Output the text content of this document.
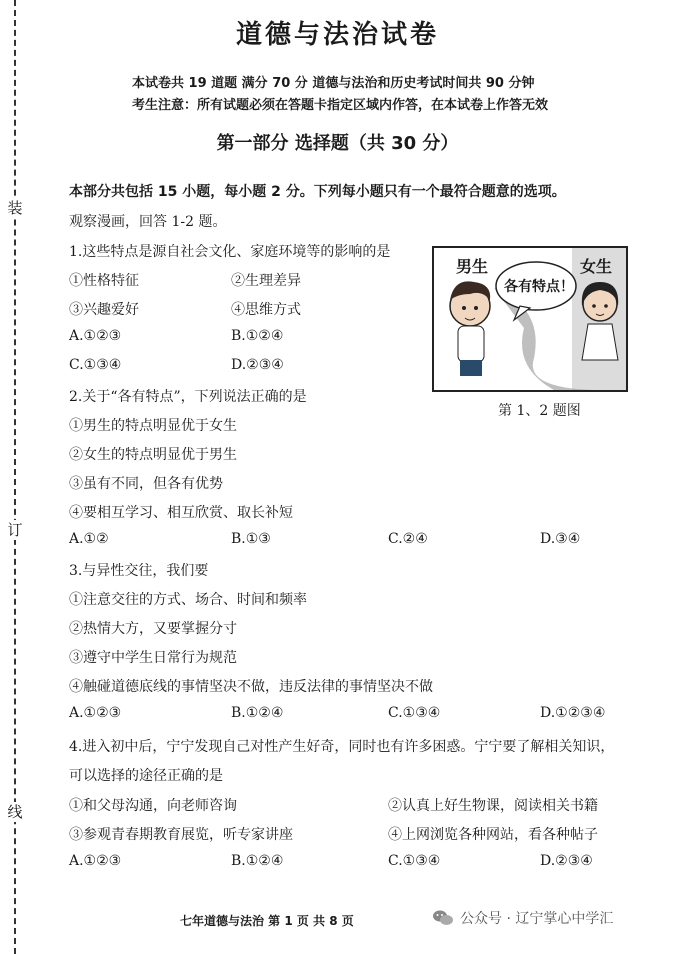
装
订
线
道德与法治试卷
本试卷共 19 道题 满分 70 分 道德与法治和历史考试时间共 90 分钟
考生注意：所有试题必须在答题卡指定区域内作答，在本试卷上作答无效
第一部分 选择题（共 30 分）
本部分共包括 15 小题，每小题 2 分。下列每小题只有一个最符合题意的选项。
观察漫画，回答 1-2 题。
1.这些特点是源自社会文化、家庭环境等的影响的是
①性格特征	②生理差异
③兴趣爱好	④思维方式
A.①②③	B.①②④
C.①③④	D.②③④
男生	女生
各有特点！
第 1、2 题图
2.关于“各有特点”，下列说法正确的是
①男生的特点明显优于女生
②女生的特点明显优于男生
③虽有不同，但各有优势
④要相互学习、相互欣赏、取长补短
A.①②	B.①③	C.②④	D.③④
3.与异性交往，我们要
①注意交往的方式、场合、时间和频率
②热情大方，又要掌握分寸
③遵守中学生日常行为规范
④触碰道德底线的事情坚决不做，违反法律的事情坚决不做
A.①②③	B.①②④	C.①③④	D.①②③④
4.进入初中后，宁宁发现自己对性产生好奇，同时也有许多困惑。宁宁要了解相关知识，
可以选择的途径正确的是
①和父母沟通，向老师咨询	②认真上好生物课，阅读相关书籍
③参观青春期教育展览，听专家讲座	④上网浏览各种网站，看各种帖子
A.①②③	B.①②④	C.①③④	D.②③④
七年道德与法治 第 1 页 共 8 页	公众号 · 辽宁掌心中学汇
